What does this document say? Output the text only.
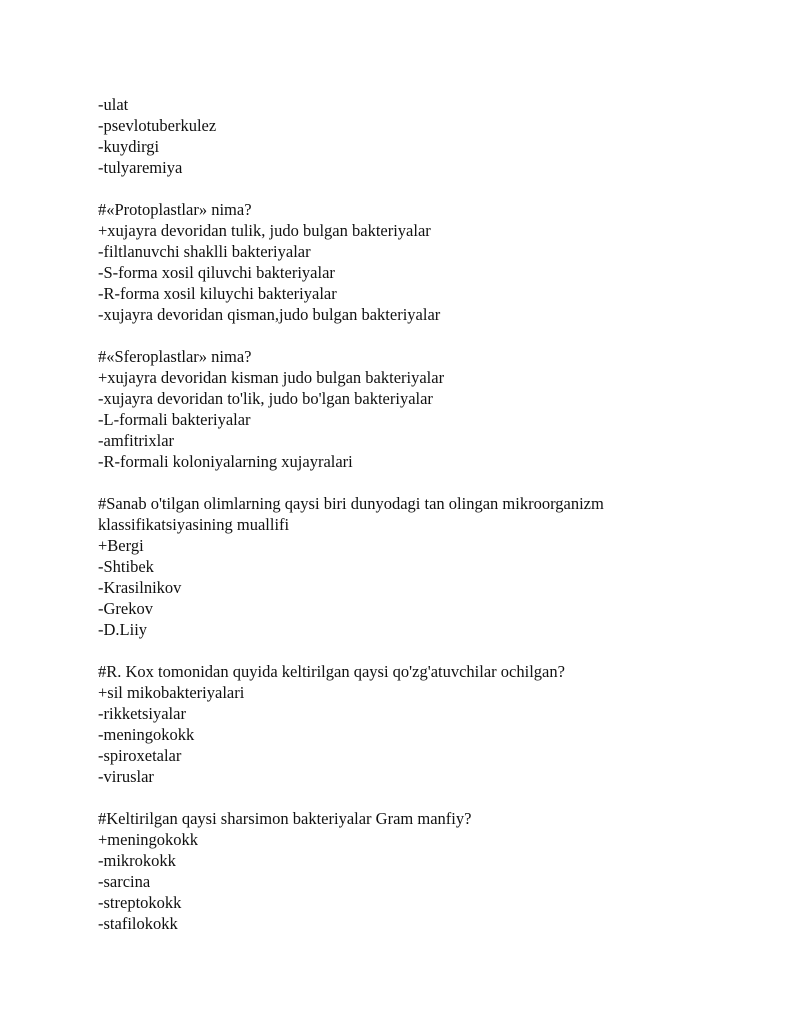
-ulat
-psevlotuberkulez
-kuydirgi
-tulyaremiya
#«Protoplastlar» nima?
+xujayra devoridan tulik, judo bulgan bakteriyalar
-filtlanuvchi shaklli bakteriyalar
-S-forma xosil qiluvchi bakteriyalar
-R-forma xosil kiluychi bakteriyalar
-xujayra devoridan qisman,judo bulgan bakteriyalar
#«Sferoplastlar» nima?
+xujayra devoridan kisman judo bulgan bakteriyalar
-xujayra devoridan to'lik, judo bo'lgan bakteriyalar
-L-formali bakteriyalar
-amfitrixlar
-R-formali koloniyalarning xujayralari
#Sanab o'tilgan olimlarning qaysi biri dunyodagi tan olingan mikroorganizm klassifikatsiyasining muallifi
+Bergi
-Shtibek
-Krasilnikov
-Grekov
-D.Liiy
#R. Kox tomonidan quyida keltirilgan qaysi qo'zg'atuvchilar ochilgan?
+sil mikobakteriyalari
-rikketsiyalar
-meningokokk
-spiroxetalar
-viruslar
#Keltirilgan qaysi sharsimon bakteriyalar Gram manfiy?
+meningokokk
-mikrokokk
-sarcina
-streptokokk
-stafilokokk
